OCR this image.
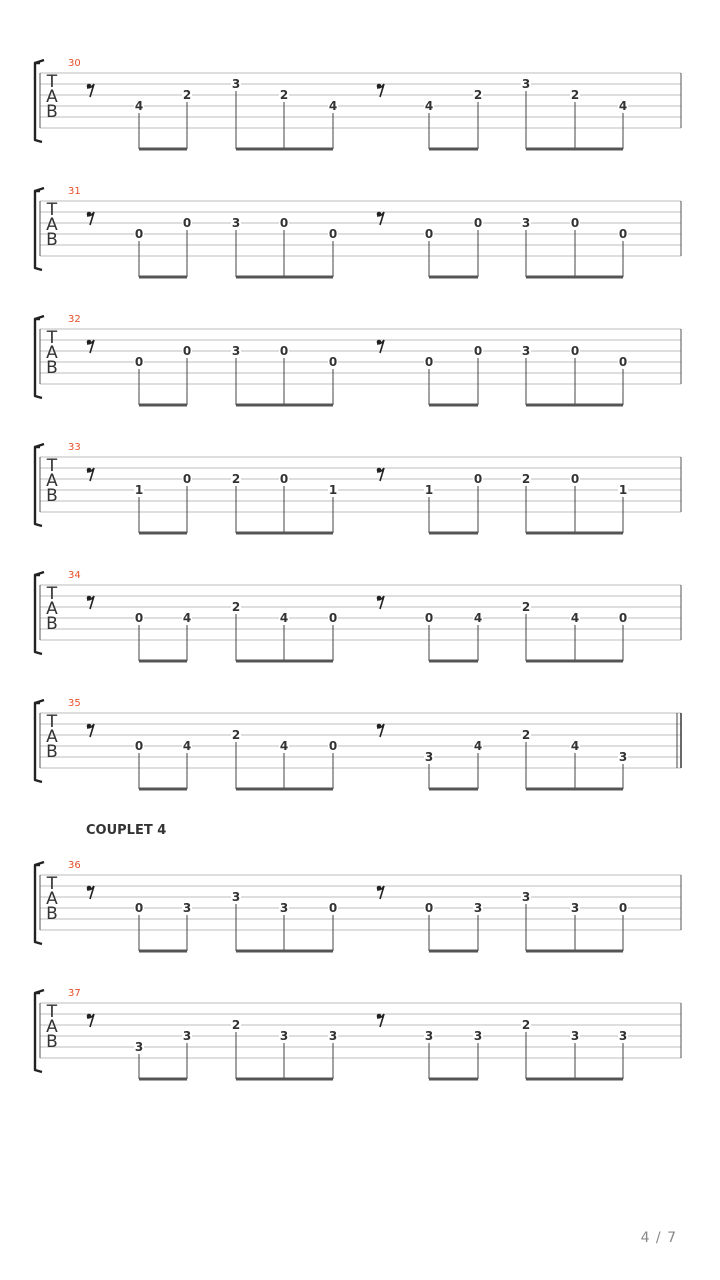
COUPLET 4
4 / 7
30
T
A
B	4
2
3
2
4	4
2
3
2
4
31
T
A
B	0
0	3	0
0	0
0	3	0
0
32
T
A
B	0
0	3	0
0	0
0	3	0
0
33
T
A
B	1
0	2	0
1	1
0	2	0
1
34
T
A
B	0	4
2
4	0	0	4
2
4	0
35
T
A
B	0	4
2
4	0
3
4
2
4
3
36
T
A
B	0	3
3
3	0	0	3
3
3	0
37
T
A
B	3
3
2
3	3	3	3
2
3	3
